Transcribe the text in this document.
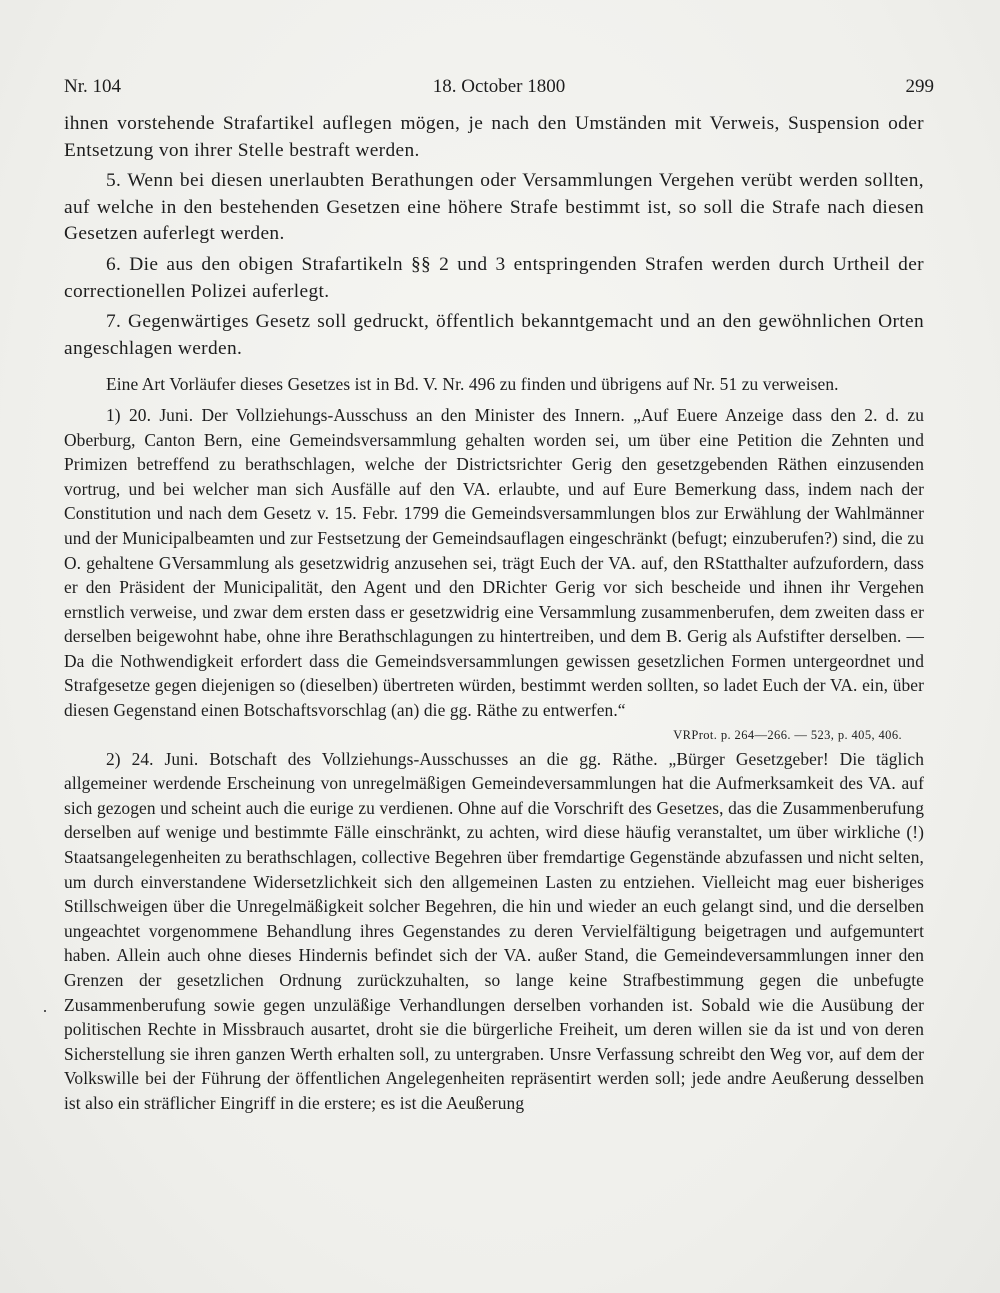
Nr. 104	18. October 1800	299

ihnen vorstehende Strafartikel auflegen mögen, je nach den Umständen mit Verweis, Suspension oder Entsetzung von ihrer Stelle bestraft werden.

5. Wenn bei diesen unerlaubten Berathungen oder Versammlungen Vergehen verübt werden sollten, auf welche in den bestehenden Gesetzen eine höhere Strafe bestimmt ist, so soll die Strafe nach diesen Gesetzen auferlegt werden.

6. Die aus den obigen Strafartikeln §§ 2 und 3 entspringenden Strafen werden durch Urtheil der correctionellen Polizei auferlegt.

7. Gegenwärtiges Gesetz soll gedruckt, öffentlich bekanntgemacht und an den gewöhnlichen Orten angeschlagen werden.

Eine Art Vorläufer dieses Gesetzes ist in Bd. V. Nr. 496 zu finden und übrigens auf Nr. 51 zu verweisen.

1) 20. Juni. Der Vollziehungs-Ausschuss an den Minister des Innern. „Auf Euere Anzeige dass den 2. d. zu Oberburg, Canton Bern, eine Gemeindsversammlung gehalten worden sei, um über eine Petition die Zehnten und Primizen betreffend zu berathschlagen, welche der Districtsrichter Gerig den gesetzgebenden Räthen einzusenden vortrug, und bei welcher man sich Ausfälle auf den VA. erlaubte, und auf Eure Bemerkung dass, indem nach der Constitution und nach dem Gesetz v. 15. Febr. 1799 die Gemeindsversammlungen blos zur Erwählung der Wahlmänner und der Municipalbeamten und zur Festsetzung der Gemeindsauflagen eingeschränkt (befugt; einzuberufen?) sind, die zu O. gehaltene GVersammlung als gesetzwidrig anzusehen sei, trägt Euch der VA. auf, den RStatthalter aufzufordern, dass er den Präsident der Municipalität, den Agent und den DRichter Gerig vor sich bescheide und ihnen ihr Vergehen ernstlich verweise, und zwar dem ersten dass er gesetzwidrig eine Versammlung zusammenberufen, dem zweiten dass er derselben beigewohnt habe, ohne ihre Berathschlagungen zu hintertreiben, und dem B. Gerig als Aufstifter derselben. — Da die Nothwendigkeit erfordert dass die Gemeindsversammlungen gewissen gesetzlichen Formen untergeordnet und Strafgesetze gegen diejenigen so (dieselben) übertreten würden, bestimmt werden sollten, so ladet Euch der VA. ein, über diesen Gegenstand einen Botschaftsvorschlag (an) die gg. Räthe zu entwerfen.“

VRProt. p. 264—266. — 523, p. 405, 406.

2) 24. Juni. Botschaft des Vollziehungs-Ausschusses an die gg. Räthe. „Bürger Gesetzgeber! Die täglich allgemeiner werdende Erscheinung von unregelmäßigen Gemeindeversammlungen hat die Aufmerksamkeit des VA. auf sich gezogen und scheint auch die eurige zu verdienen. Ohne auf die Vorschrift des Gesetzes, das die Zusammenberufung derselben auf wenige und bestimmte Fälle einschränkt, zu achten, wird diese häufig veranstaltet, um über wirkliche (!) Staatsangelegenheiten zu berathschlagen, collective Begehren über fremdartige Gegenstände abzufassen und nicht selten, um durch einverstandene Widersetzlichkeit sich den allgemeinen Lasten zu entziehen. Vielleicht mag euer bisheriges Stillschweigen über die Unregelmäßigkeit solcher Begehren, die hin und wieder an euch gelangt sind, und die derselben ungeachtet vorgenommene Behandlung ihres Gegenstandes zu deren Vervielfältigung beigetragen und aufgemuntert haben. Allein auch ohne dieses Hindernis befindet sich der VA. außer Stand, die Gemeindeversammlungen inner den Grenzen der gesetzlichen Ordnung zurückzuhalten, so lange keine Strafbestimmung gegen die unbefugte Zusammenberufung sowie gegen unzuläßige Verhandlungen derselben vorhanden ist. Sobald wie die Ausübung der politischen Rechte in Missbrauch ausartet, droht sie die bürgerliche Freiheit, um deren willen sie da ist und von deren Sicherstellung sie ihren ganzen Werth erhalten soll, zu untergraben. Unsre Verfassung schreibt den Weg vor, auf dem der Volkswille bei der Führung der öffentlichen Angelegenheiten repräsentirt werden soll; jede andre Aeußerung desselben ist also ein sträflicher Eingriff in die erstere; es ist die Aeußerung
